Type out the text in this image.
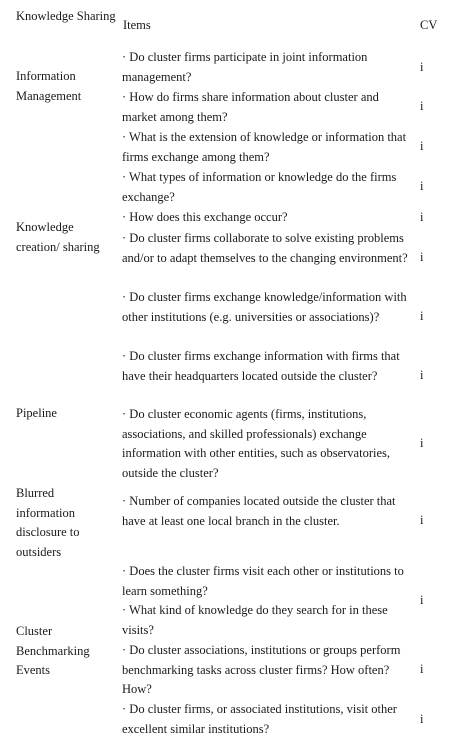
Knowledge Sharing
Items	CV
Information Management
Knowledge creation/ sharing
Pipeline
Blurred information disclosure to outsiders
Cluster Benchmarking Events
· Do cluster firms participate in joint information management?
· How do firms share information about cluster and market among them?
· What is the extension of knowledge or information that firms exchange among them?
· What types of information or knowledge do the firms exchange?
· How does this exchange occur?
· Do cluster firms collaborate to solve existing problems and/or to adapt themselves to the changing environment?
· Do cluster firms exchange knowledge/information with other institutions (e.g. universities or associations)?
· Do cluster firms exchange information with firms that have their headquarters located outside the cluster?
· Do cluster economic agents (firms, institutions, associations, and skilled professionals) exchange information with other entities, such as observatories, outside the cluster?
· Number of companies located outside the cluster that have at least one local branch in the cluster.
· Does the cluster firms visit each other or institutions to learn something?
· What kind of knowledge do they search for in these visits?
· Do cluster associations, institutions or groups perform benchmarking tasks across cluster firms? How often? How?
· Do cluster firms, or associated institutions, visit other excellent similar institutions?
i
i
i
i
i
i
i
i
i
i
i
i
i
